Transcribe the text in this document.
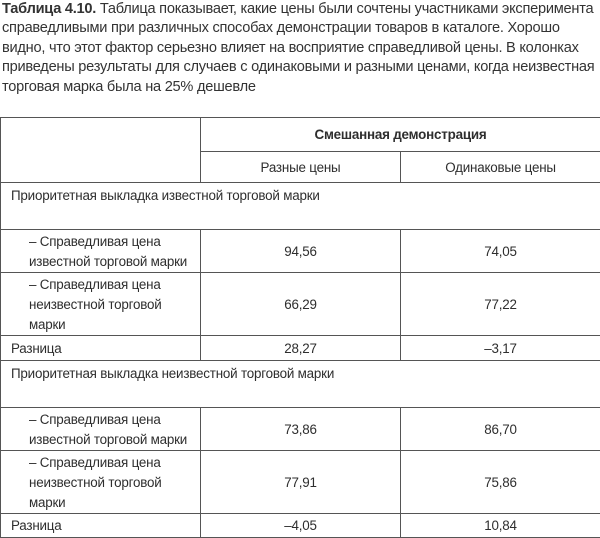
Таблица 4.10. Таблица показывает, какие цены были сочтены участниками эксперимента справедливыми при различных способах демонстрации товаров в каталоге. Хорошо видно, что этот фактор серьезно влияет на восприятие справедливой цены. В колонках приведены результаты для случаев с одинаковыми и разными ценами, когда неизвестная торговая марка была на 25% дешевле
	Смешанная демонстрация	
	Разные цены	Одинаковые цены
Приоритетная выкладка известной торговой марки		
– Справедливая цена известной торговой марки	94,56	74,05
– Справедливая цена неизвестной торговой марки	66,29	77,22
Разница	28,27	–3,17
Приоритетная выкладка неизвестной торговой марки		
– Справедливая цена известной торговой марки	73,86	86,70
– Справедливая цена неизвестной торговой марки	77,91	75,86
Разница	–4,05	10,84
